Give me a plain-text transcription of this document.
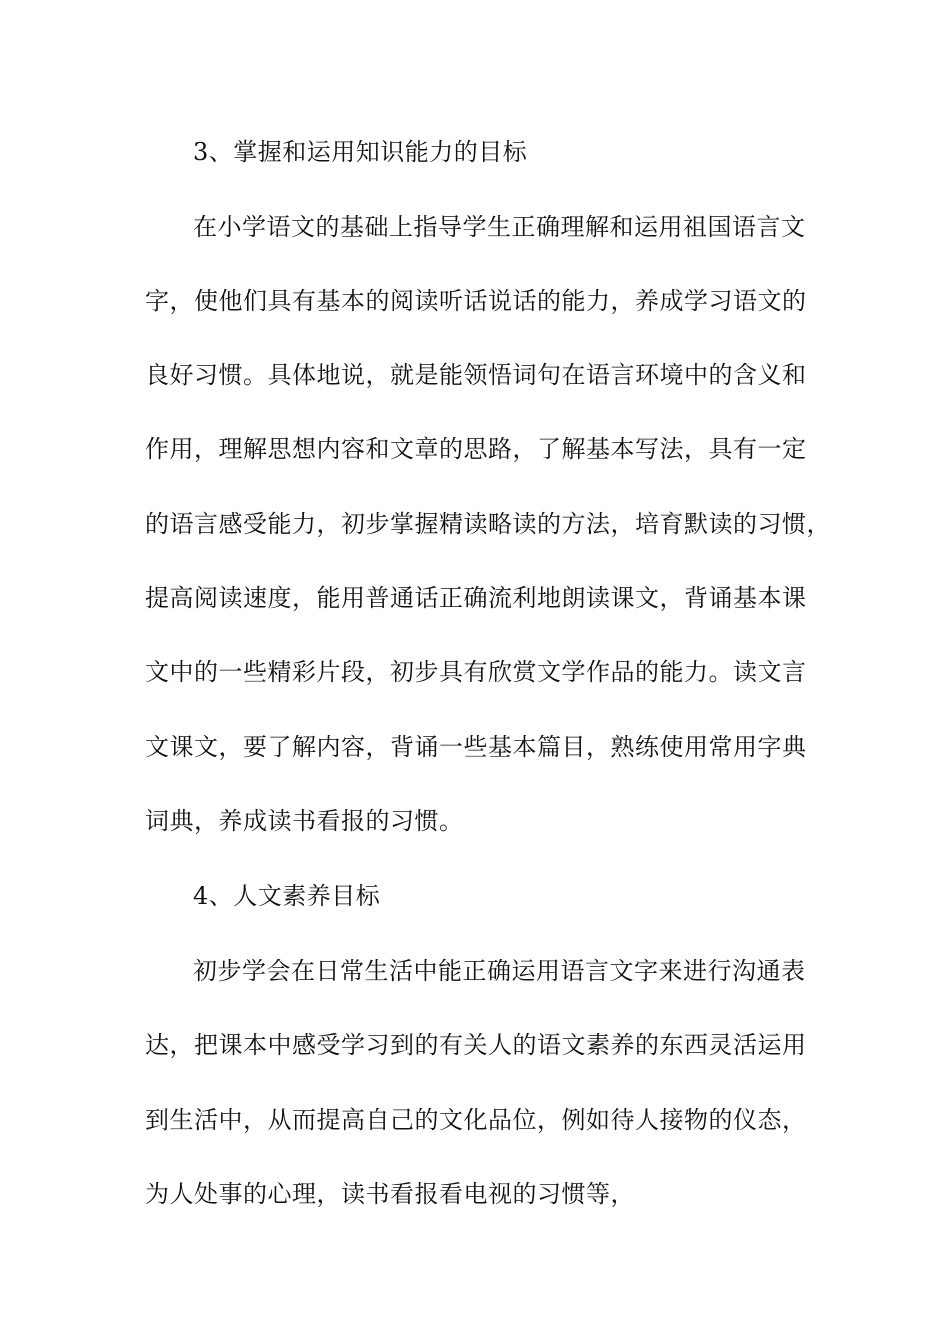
3、掌握和运用知识能力的目标
在小学语文的基础上指导学生正确理解和运用祖国语言文
字，使他们具有基本的阅读听话说话的能力，养成学习语文的
良好习惯。具体地说，就是能领悟词句在语言环境中的含义和
作用，理解思想内容和文章的思路，了解基本写法，具有一定
的语言感受能力，初步掌握精读略读的方法，培育默读的习惯，
提高阅读速度，能用普通话正确流利地朗读课文，背诵基本课
文中的一些精彩片段，初步具有欣赏文学作品的能力。读文言
文课文，要了解内容，背诵一些基本篇目，熟练使用常用字典
词典，养成读书看报的习惯。
4、人文素养目标
初步学会在日常生活中能正确运用语言文字来进行沟通表
达，把课本中感受学习到的有关人的语文素养的东西灵活运用
到生活中，从而提高自己的文化品位，例如待人接物的仪态，
为人处事的心理，读书看报看电视的习惯等，
